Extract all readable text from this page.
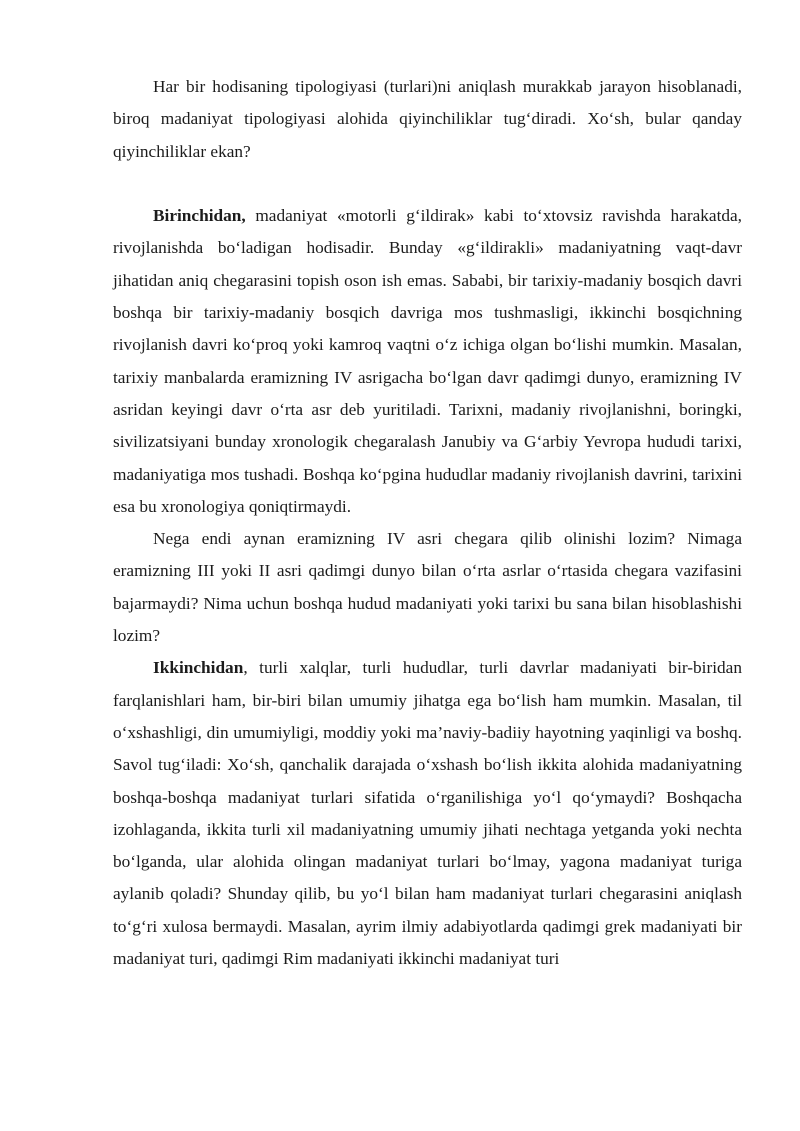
Har bir hodisaning tipologiyasi (turlari)ni aniqlash murakkab jarayon hisoblanadi, biroq madaniyat tipologiyasi alohida qiyinchiliklar tug‘diradi. Xo‘sh, bular qanday qiyinchiliklar ekan?

Birinchidan, madaniyat «motorli g‘ildirak» kabi to‘xtovsiz ravishda harakatda, rivojlanishda bo‘ladigan hodisadir. Bunday «g‘ildirakli» madaniyatning vaqt-davr jihatidan aniq chegarasini topish oson ish emas. Sababi, bir tarixiy-madaniy bosqich davri boshqa bir tarixiy-madaniy bosqich davriga mos tushmasligi, ikkinchi bosqichning rivojlanish davri ko‘proq yoki kamroq vaqtni o‘z ichiga olgan bo‘lishi mumkin. Masalan, tarixiy manbalarda eramizning IV asrigacha bo‘lgan davr qadimgi dunyo, eramizning IV asridan keyingi davr o‘rta asr deb yuritiladi. Tarixni, madaniy rivojlanishni, boringki, sivilizatsiyani bunday xronologik chegaralash Janubiy va G‘arbiy Yevropa hududi tarixi, madaniyatiga mos tushadi. Boshqa ko‘pgina hududlar madaniy rivojlanish davrini, tarixini esa bu xronologiya qoniqtirmaydi.

Nega endi aynan eramizning IV asri chegara qilib olinishi lozim? Nimaga eramizning III yoki II asri qadimgi dunyo bilan o‘rta asrlar o‘rtasida chegara vazifasini bajarmaydi? Nima uchun boshqa hudud madaniyati yoki tarixi bu sana bilan hisoblashishi lozim?

Ikkinchidan, turli xalqlar, turli hududlar, turli davrlar madaniyati bir-biridan farqlanishlari ham, bir-biri bilan umumiy jihatga ega bo‘lish ham mumkin. Masalan, til o‘xshashligi, din umumiyligi, moddiy yoki ma’naviy-badiiy hayotning yaqinligi va boshq. Savol tug‘iladi: Xo‘sh, qanchalik darajada o‘xshash bo‘lish ikkita alohida madaniyatning boshqa-boshqa madaniyat turlari sifatida o‘rganilishiga yo‘l qo‘ymaydi? Boshqacha izohlaganda, ikkita turli xil madaniyatning umumiy jihati nechtaga yetganda yoki nechta bo‘lganda, ular alohida olingan madaniyat turlari bo‘lmay, yagona madaniyat turiga aylanib qoladi? Shunday qilib, bu yo‘l bilan ham madaniyat turlari chegarasini aniqlash to‘g‘ri xulosa bermaydi. Masalan, ayrim ilmiy adabiyotlarda qadimgi grek madaniyati bir madaniyat turi, qadimgi Rim madaniyati ikkinchi madaniyat turi
